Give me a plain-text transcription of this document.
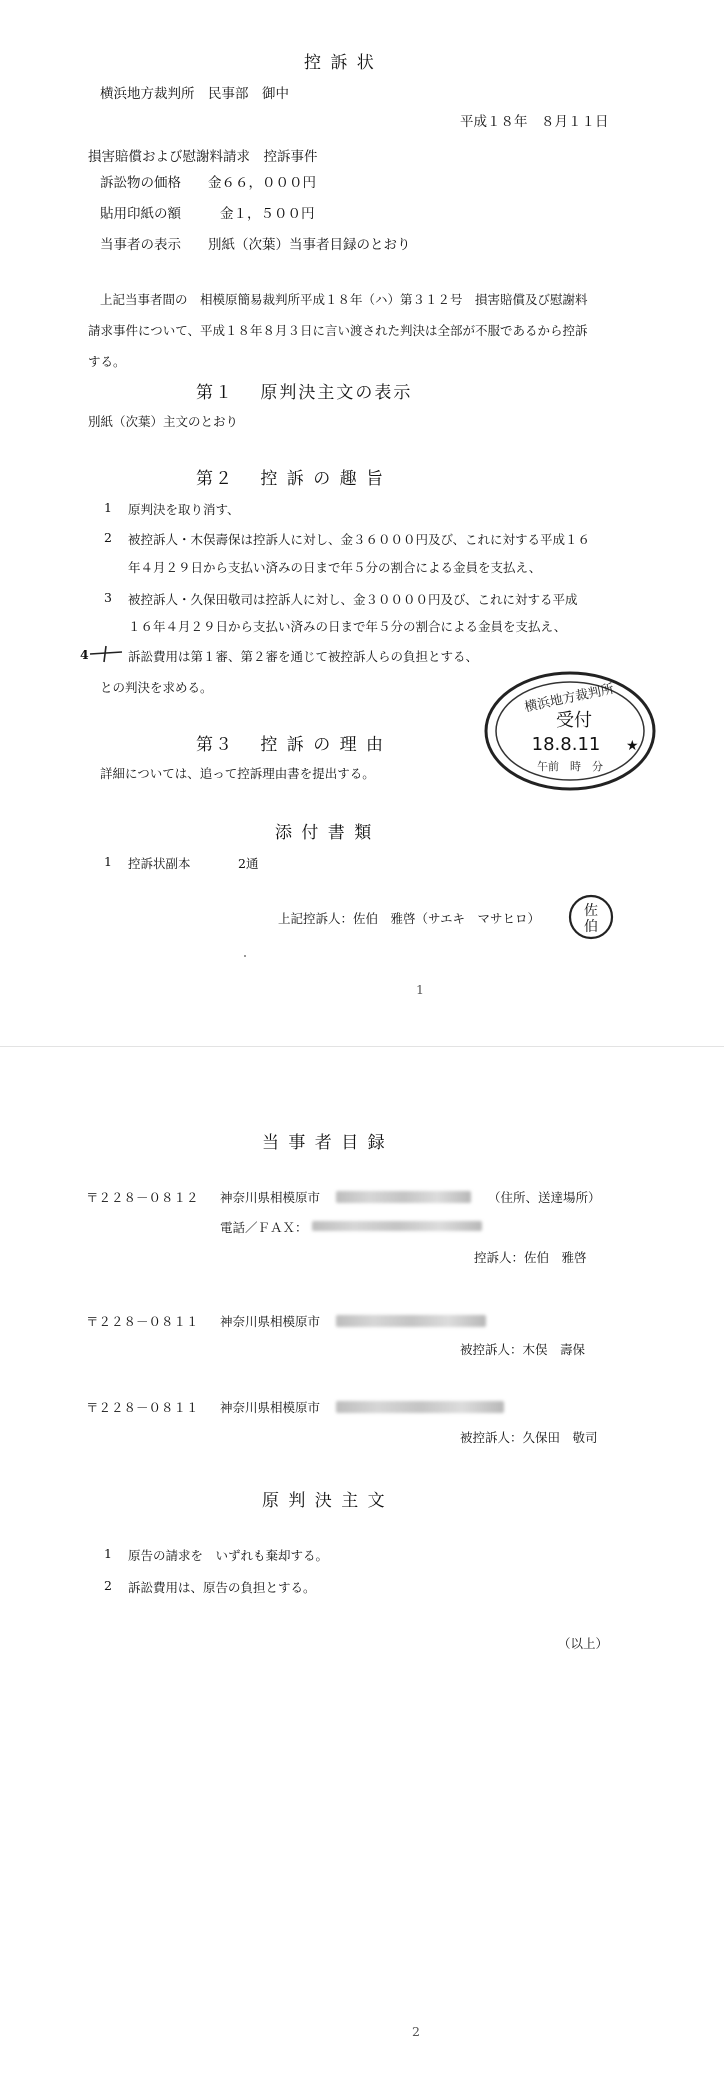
控 訴 状
横浜地方裁判所　民事部　御中
平成１８年　８月１１日
損害賠償および慰謝料請求　控訴事件
訴訟物の価格 金６６，０００円
貼用印紙の額	金１，５００円
当事者の表示 別紙（次葉）当事者目録のとおり
上記当事者間の　相模原簡易裁判所平成１８年（ハ）第３１２号　損害賠償及び慰謝料
請求事件について、平成１８年８月３日に言い渡された判決は全部が不服であるから控訴
する。
第１　 原判決主文の表示
別紙（次葉）主文のとおり
第２　 控 訴 の 趣 旨
1 原判決を取り消す、
2 被控訴人・木俣壽保は控訴人に対し、金３６０００円及び、これに対する平成１６
年４月２９日から支払い済みの日まで年５分の割合による金員を支払え、
3 被控訴人・久保田敬司は控訴人に対し、金３００００円及び、これに対する平成
１６年４月２９日から支払い済みの日まで年５分の割合による金員を支払え、
4	訴訟費用は第１審、第２審を通じて被控訴人らの負担とする、
との判決を求める。	横浜地方裁判所
受付
18.8.11 ★
午前　時　分
第３　 控 訴 の 理 由
詳細については、追って控訴理由書を提出する。
添 付 書 類
1 控訴状副本	2通
上記控訴人：佐伯　雅啓（サエキ　マサヒロ）	佐
伯
1
当 事 者 目 録
〒２２８－０８１２ 神奈川県相模原市	（住所、送達場所）
電話／ＦＡＸ：
控訴人：佐伯　雅啓
〒２２８－０８１１ 神奈川県相模原市
被控訴人：木俣　壽保
〒２２８－０８１１ 神奈川県相模原市
被控訴人：久保田　敬司
原 判 決 主 文
1 原告の請求を　いずれも棄却する。
2 訴訟費用は、原告の負担とする。
（以上）
2
